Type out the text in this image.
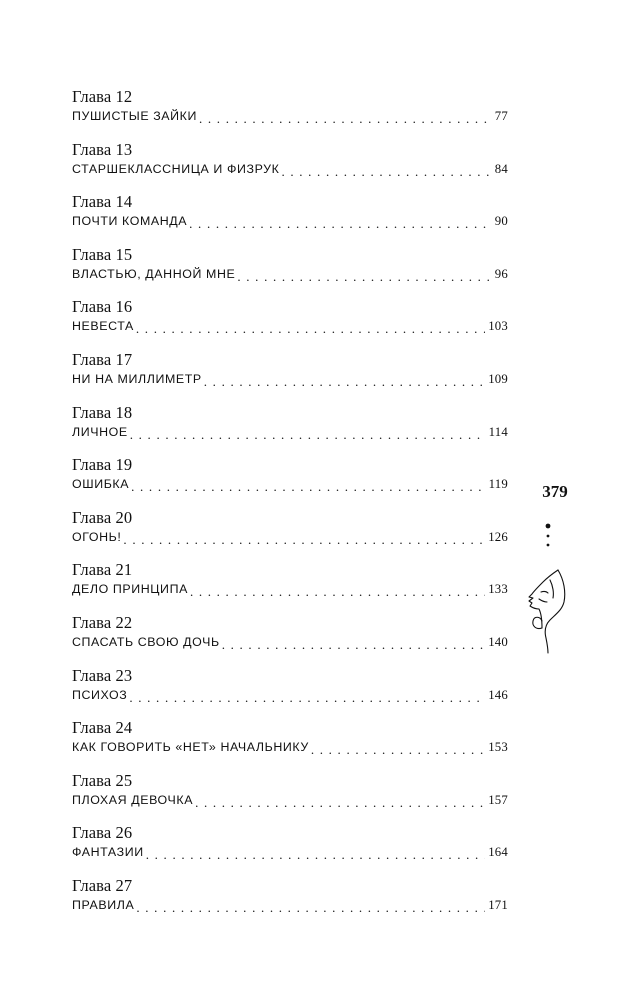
Глава 12
ПУШИСТЫЕ ЗАЙКИ . . .	77
Глава 13
СТАРШЕКЛАССНИЦА И ФИЗРУК . . .	84
Глава 14
ПОЧТИ КОМАНДА . . .	90
Глава 15
ВЛАСТЬЮ, ДАННОЙ МНЕ . . .	96
Глава 16
НЕВЕСТА . . .	103
Глава 17
НИ НА МИЛЛИМЕТР . . .	109
Глава 18
ЛИЧНОЕ . . .	114
Глава 19
ОШИБКА . . .	119
Глава 20
ОГОНЬ! . . .	126
Глава 21
ДЕЛО ПРИНЦИПА . . .	133
Глава 22
СПАСАТЬ СВОЮ ДОЧЬ . . .	140
Глава 23
ПСИХОЗ . . .	146
Глава 24
КАК ГОВОРИТЬ «НЕТ» НАЧАЛЬНИКУ . . .	153
Глава 25
ПЛОХАЯ ДЕВОЧКА . . .	157
Глава 26
ФАНТАЗИИ . . .	164
Глава 27
ПРАВИЛА . . .	171
379
